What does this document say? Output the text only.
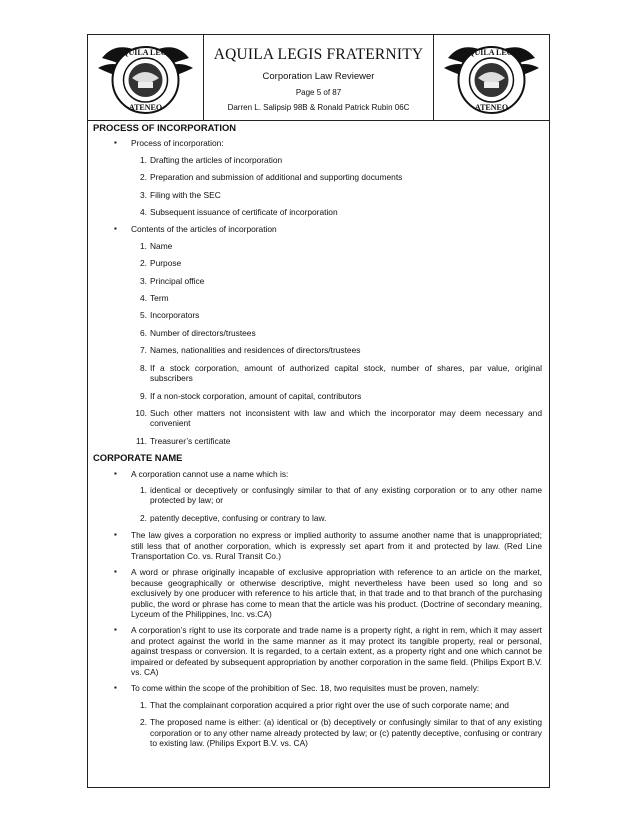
AQUILA LEGIS
ATENEO
AQUILA LEGIS FRATERNITY
Corporation Law Reviewer
Page 5 of 87
Darren L. Salipsip 98B & Ronald Patrick Rubin 06C
AQUILA LEGIS
ATENEO
PROCESS OF INCORPORATION
▪ Process of incorporation:
1 . Drafting the articles of incorporation
2 . Preparation and submission of additional and supporting documents
3 . Filing with the SEC
4 . Subsequent issuance of certificate of incorporation
▪ Contents of the articles of incorporation
1 . Name
2 . Purpose
3 . Principal office
4 . Term
5 . Incorporators
6 . Number of directors/trustees
7 . Names, nationalities and residences of directors/trustees
8 . If a stock corporation, amount of authorized capital stock, number of shares, par value, original subscribers
9 . If a non-stock corporation, amount of capital, contributors
10 . Such other matters not inconsistent with law and which the incorporator may deem necessary and convenient
11 . Treasurer’s certificate
CORPORATE NAME
▪ A corporation cannot use a name which is:
1 . identical or deceptively or confusingly similar to that of any existing corporation or to any other name protected by law; or
2 . patently deceptive, confusing or contrary to law.
▪ The law gives a corporation no express or implied authority to assume another name that is unappropriated; still less that of another corporation, which is expressly set apart from it and protected by law. (Red Line Transportation Co. vs. Rural Transit Co.)
▪ A word or phrase originally incapable of exclusive appropriation with reference to an article on the market, because geographically or otherwise descriptive, might nevertheless have been used so long and so exclusively by one producer with reference to his article that, in that trade and to that branch of the purchasing public, the word or phrase has come to mean that the article was his product. (Doctrine of secondary meaning, Lyceum of the Philippines, Inc. vs.CA)
▪ A corporation’s right to use its corporate and trade name is a property right, a right in rem, which it may assert and protect against the world in the same manner as it may protect its tangible property, real or personal, against trespass or conversion. It is regarded, to a certain extent, as a property right and one which cannot be impaired or defeated by subsequent appropriation by another corporation in the same field. (Philips Export B.V. vs. CA)
▪ To come within the scope of the prohibition of Sec. 18, two requisites must be proven, namely:
1 . That the complainant corporation acquired a prior right over the use of such corporate name; and
2 . The proposed name is either: (a) identical or (b) deceptively or confusingly similar to that of any existing corporation or to any other name already protected by law; or (c) patently deceptive, confusing or contrary to existing law. (Philips Export B.V. vs. CA)
